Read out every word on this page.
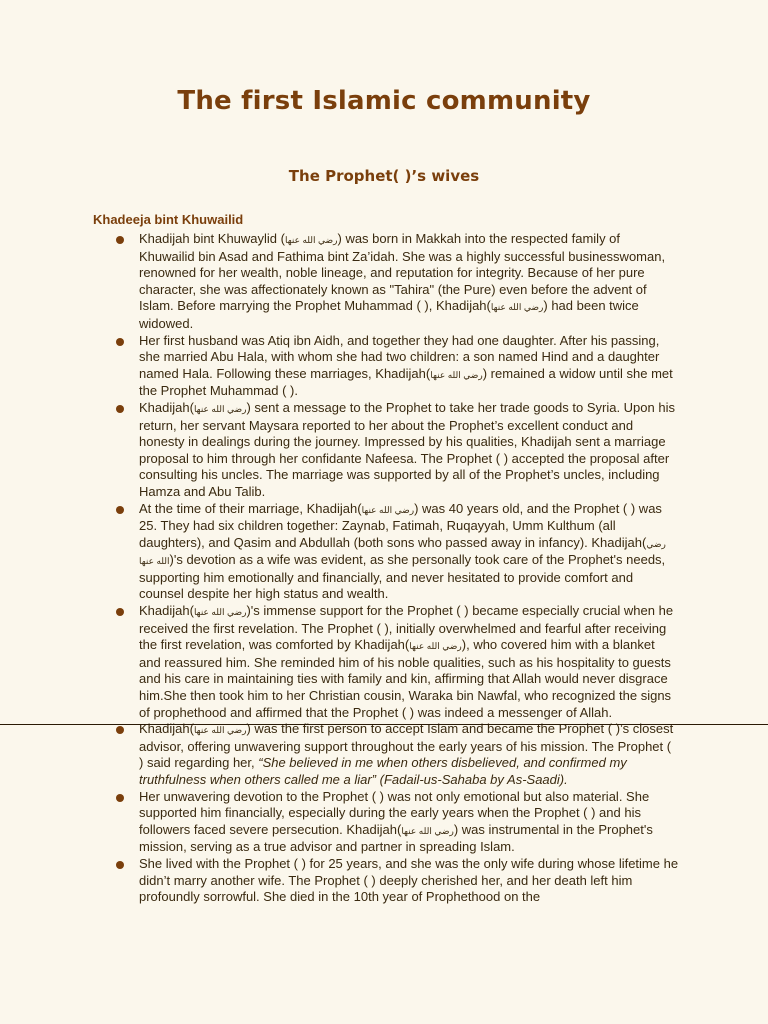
The first Islamic community
The Prophet( )’s wives
Khadeeja bint Khuwailid
Khadijah bint Khuwaylid (رضي الله عنها) was born in Makkah into the respected family of Khuwailid bin Asad and Fathima bint Za’idah. She was a highly successful businesswoman, renowned for her wealth, noble lineage, and reputation for integrity. Because of her pure character, she was affectionately known as "Tahira" (the Pure) even before the advent of Islam. Before marrying the Prophet Muhammad ( ), Khadijah(رضي الله عنها) had been twice widowed.
Her first husband was Atiq ibn Aidh, and together they had one daughter. After his passing, she married Abu Hala, with whom she had two children: a son named Hind and a daughter named Hala. Following these marriages, Khadijah(رضي الله عنها) remained a widow until she met the Prophet Muhammad ( ).
Khadijah(رضي الله عنها) sent a message to the Prophet to take her trade goods to Syria. Upon his return, her servant Maysara reported to her about the Prophet’s excellent conduct and honesty in dealings during the journey. Impressed by his qualities, Khadijah sent a marriage proposal to him through her confidante Nafeesa. The Prophet ( ) accepted the proposal after consulting his uncles. The marriage was supported by all of the Prophet’s uncles, including Hamza and Abu Talib.
At the time of their marriage, Khadijah(رضي الله عنها) was 40 years old, and the Prophet ( ) was 25. They had six children together: Zaynab, Fatimah, Ruqayyah, Umm Kulthum (all daughters), and Qasim and Abdullah (both sons who passed away in infancy). Khadijah(رضي الله عنها)'s devotion as a wife was evident, as she personally took care of the Prophet's needs, supporting him emotionally and financially, and never hesitated to provide comfort and counsel despite her high status and wealth.
Khadijah(رضي الله عنها)'s immense support for the Prophet ( ) became especially crucial when he received the first revelation. The Prophet ( ), initially overwhelmed and fearful after receiving the first revelation, was comforted by Khadijah(رضي الله عنها), who covered him with a blanket and reassured him. She reminded him of his noble qualities, such as his hospitality to guests and his care in maintaining ties with family and kin, affirming that Allah would never disgrace him.She then took him to her Christian cousin, Waraka bin Nawfal, who recognized the signs of prophethood and affirmed that the Prophet ( ) was indeed a messenger of Allah.
Khadijah(رضي الله عنها) was the first person to accept Islam and became the Prophet ( )’s closest advisor, offering unwavering support throughout the early years of his mission. The Prophet ( ) said regarding her, “She believed in me when others disbelieved, and confirmed my truthfulness when others called me a liar” (Fadail-us-Sahaba by As-Saadi).
Her unwavering devotion to the Prophet ( ) was not only emotional but also material. She supported him financially, especially during the early years when the Prophet ( ) and his followers faced severe persecution. Khadijah(رضي الله عنها) was instrumental in the Prophet's mission, serving as a true advisor and partner in spreading Islam.
She lived with the Prophet ( ) for 25 years, and she was the only wife during whose lifetime he didn’t marry another wife. The Prophet ( ) deeply cherished her, and her death left him profoundly sorrowful. She died in the 10th year of Prophethood on the
